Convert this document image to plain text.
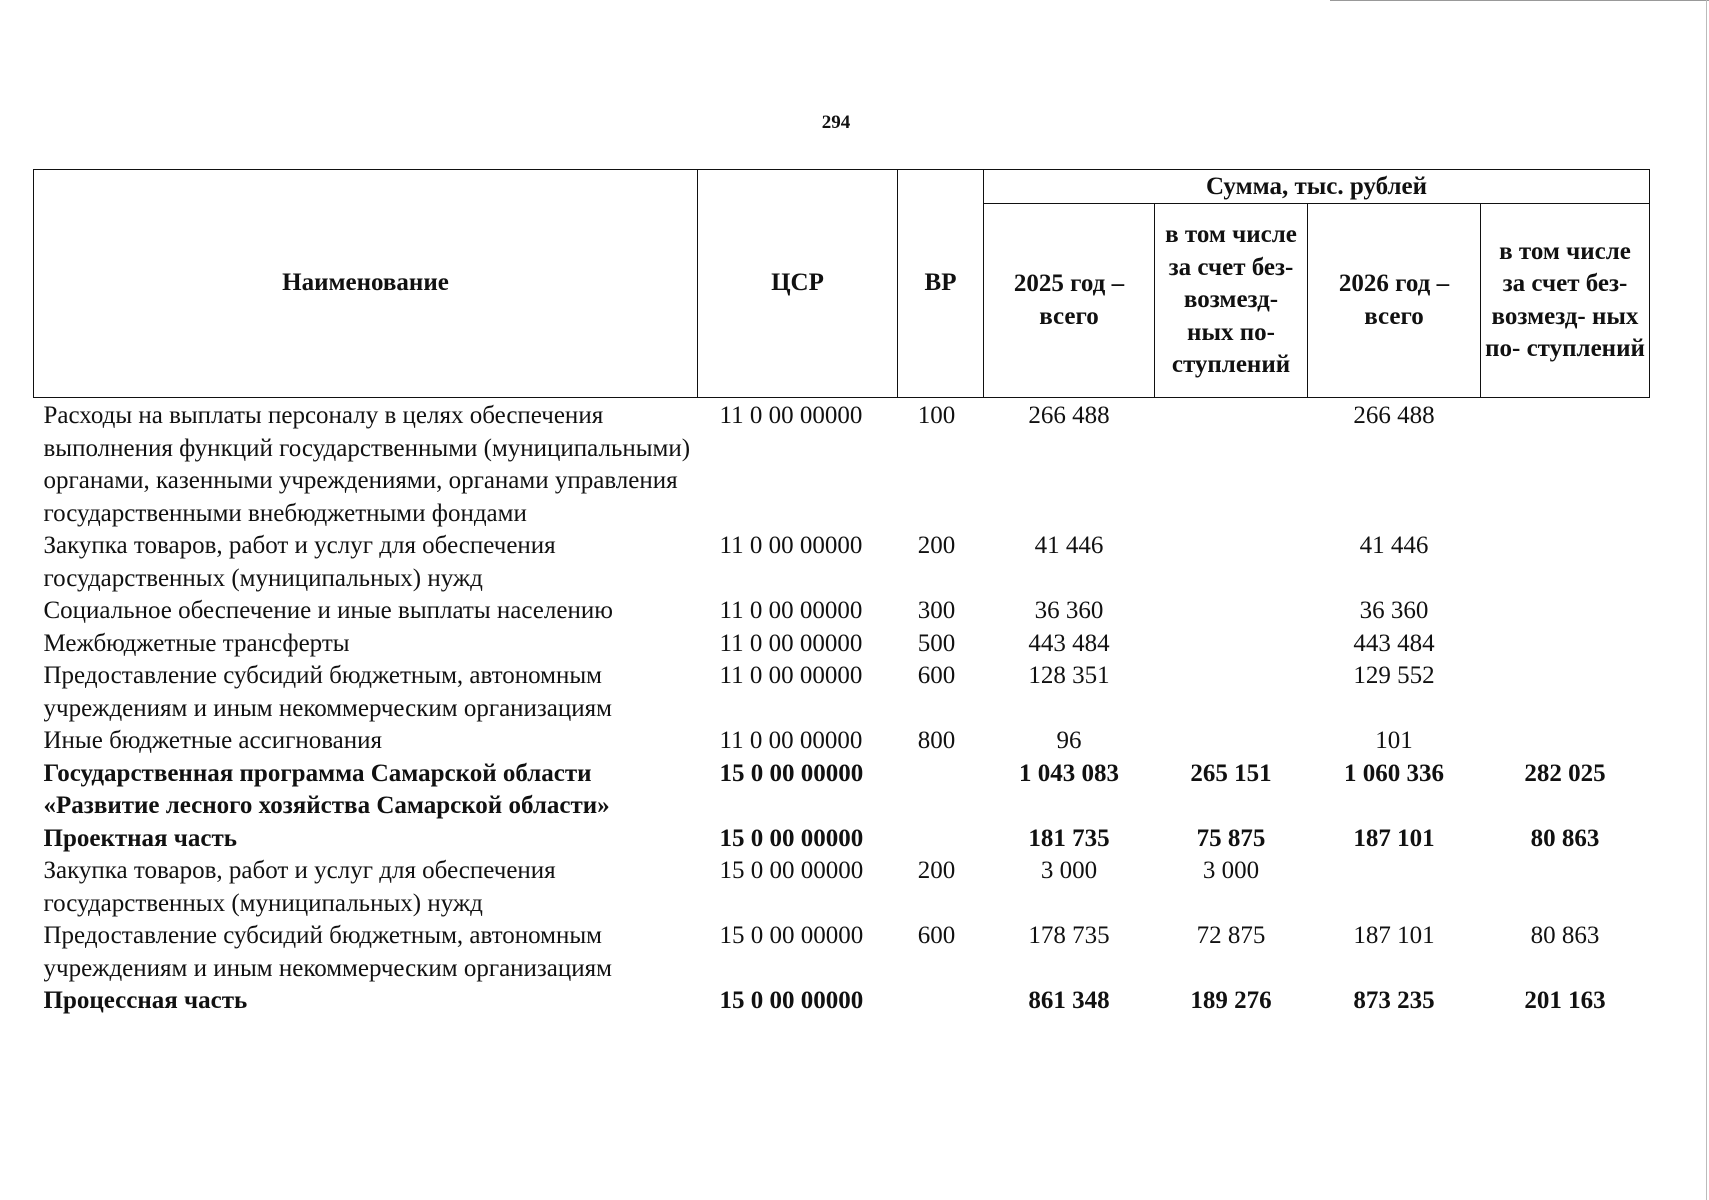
294
Наименование	ЦСР	ВР	Сумма, тыс. рублей			
			2025 год – всего	в том числе за счет без- возмезд- ных по- ступлений	2026 год – всего	в том числе за счет без- возмезд- ных по- ступлений
Расходы на выплаты персоналу в целях обеспечения выполнения функций государственными (муниципальными) органами, казенными учреждениями, органами управления государственными внебюджетными фондами	11 0 00 00000	100	266 488		266 488	
Закупка товаров, работ и услуг для обеспечения государственных (муниципальных) нужд	11 0 00 00000	200	41 446		41 446	
Социальное обеспечение и иные выплаты населению	11 0 00 00000	300	36 360		36 360	
Межбюджетные трансферты	11 0 00 00000	500	443 484		443 484	
Предоставление субсидий бюджетным, автономным учреждениям и иным некоммерческим организациям	11 0 00 00000	600	128 351		129 552	
Иные бюджетные ассигнования	11 0 00 00000	800	96		101	
Государственная программа Самарской области «Развитие лесного хозяйства Самарской области»	15 0 00 00000		1 043 083	265 151	1 060 336	282 025
Проектная часть	15 0 00 00000		181 735	75 875	187 101	80 863
Закупка товаров, работ и услуг для обеспечения государственных (муниципальных) нужд	15 0 00 00000	200	3 000	3 000		
Предоставление субсидий бюджетным, автономным учреждениям и иным некоммерческим организациям	15 0 00 00000	600	178 735	72 875	187 101	80 863
Процессная часть	15 0 00 00000		861 348	189 276	873 235	201 163
